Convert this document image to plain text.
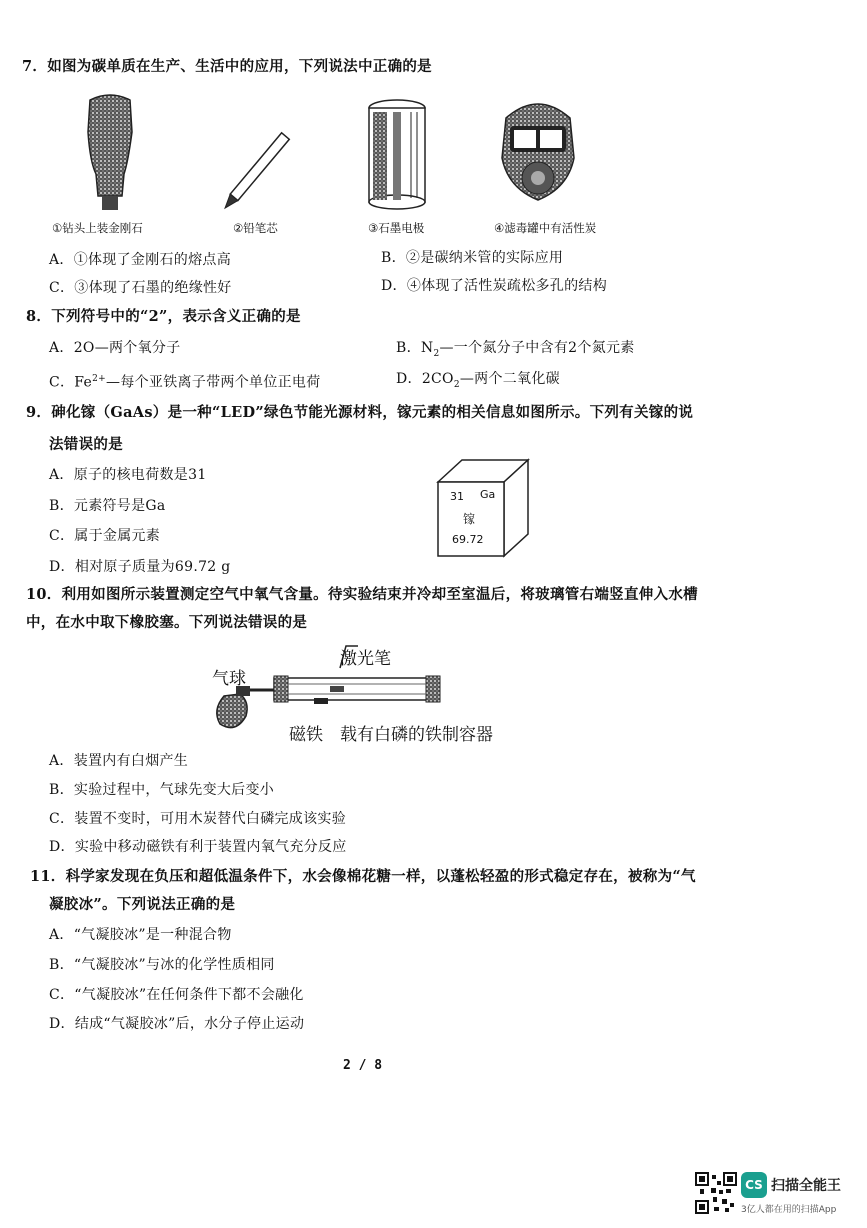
7．如图为碳单质在生产、生活中的应用，下列说法中正确的是
①钻头上装金刚石	②铅笔芯	③石墨电极	④滤毒罐中有活性炭
A．①体现了金刚石的熔点高	B．②是碳纳米管的实际应用
C．③体现了石墨的绝缘性好	D．④体现了活性炭疏松多孔的结构
8．下列符号中的“2”，表示含义正确的是
A．2O—两个氧分子	B．$N_2—$一个氮分子中含有2个氮元素
C．$Fe^{2+}—$每个亚铁离子带两个单位正电荷	D．$2CO_2—$两个二氧化碳
9．砷化镓（GaAs）是一种“LED”绿色节能光源材料，镓元素的相关信息如图所示。下列有关镓的说
法错误的是
A．原子的核电荷数是31
B．元素符号是Ga
C．属于金属元素
D．相对原子质量为69.72 g
31 Ga
镓
69.72
10．利用如图所示装置测定空气中氧气含量。待实验结束并冷却至室温后，将玻璃管右端竖直伸入水槽
中，在水中取下橡胶塞。下列说法错误的是
激光笔
气球
磁铁 载有白磷的铁制容器
A．装置内有白烟产生
B．实验过程中，气球先变大后变小
C．装置不变时，可用木炭替代白磷完成该实验
D．实验中移动磁铁有利于装置内氧气充分反应
11．科学家发现在负压和超低温条件下，水会像棉花糖一样，以蓬松轻盈的形式稳定存在，被称为“气
凝胶冰”。下列说法正确的是
A．“气凝胶冰”是一种混合物
B．“气凝胶冰”与冰的化学性质相同
C．“气凝胶冰”在任何条件下都不会融化
D．结成“气凝胶冰”后，水分子停止运动
2 / 8
CS 扫描全能王
3亿人都在用的扫描App
